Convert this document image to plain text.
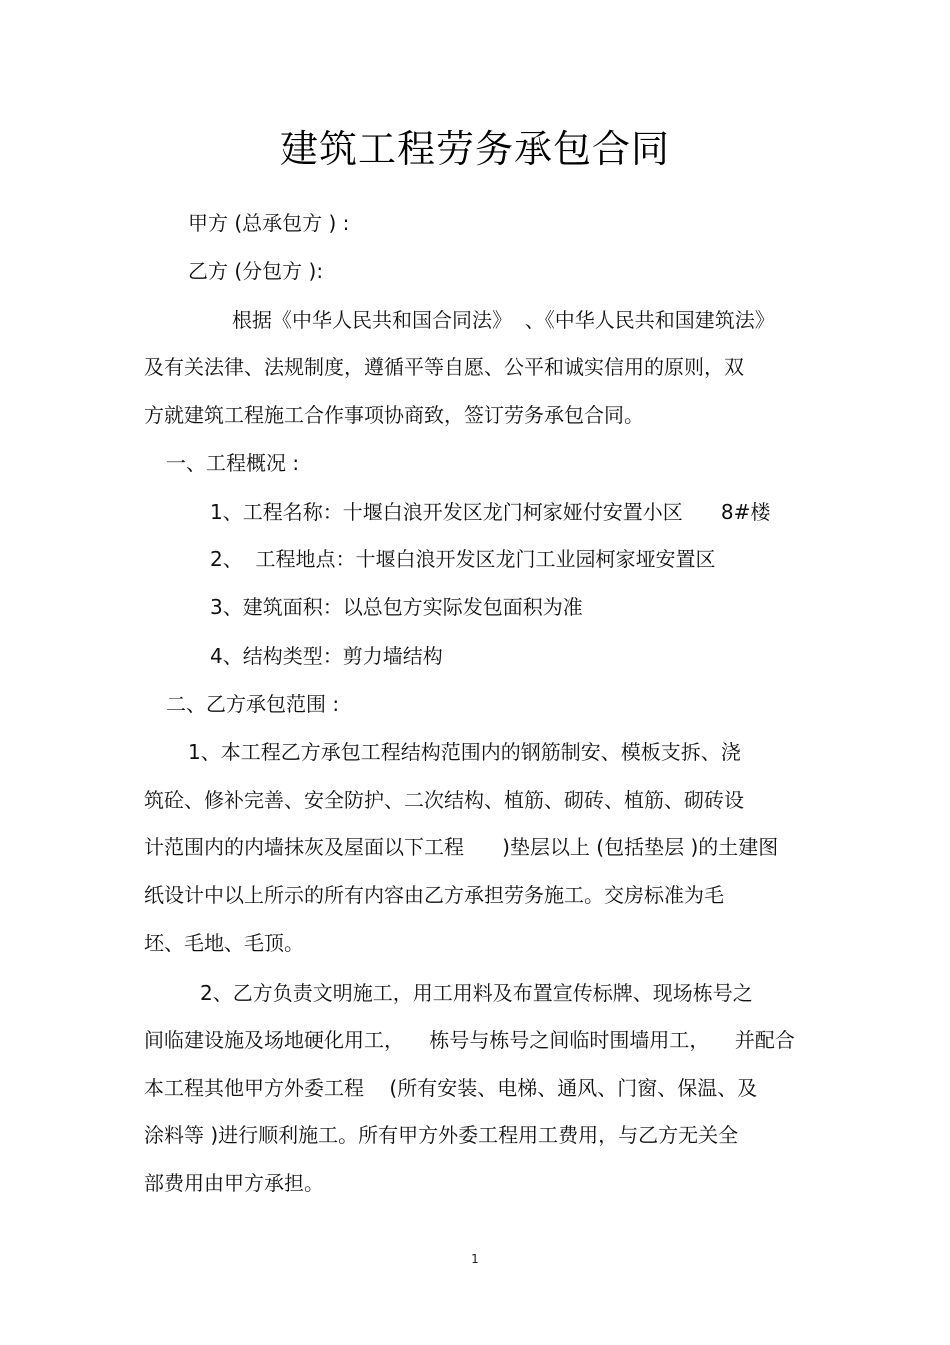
建筑工程劳务承包合同
甲方 (总承包方 ) :
乙方 (分包方 ):
根据《中华人民共和国合同法》  、《中华人民共和国建筑法》
及有关法律、法规制度，遵循平等自愿、公平和诚实信用的原则，双
方就建筑工程施工合作事项协商致，签订劳务承包合同。
一、工程概况 :
1、工程名称：十堰白浪开发区龙门柯家娅付安置小区      8#楼
2、  工程地点：十堰白浪开发区龙门工业园柯家垭安置区
3、建筑面积：以总包方实际发包面积为准
4、结构类型：剪力墙结构
二、乙方承包范围 :
1、本工程乙方承包工程结构范围内的钢筋制安、模板支拆、浇
筑砼、修补完善、安全防护、二次结构、植筋、砌砖、植筋、砌砖设
计范围内的内墙抹灰及屋面以下工程      )垫层以上 (包括垫层 )的土建图
纸设计中以上所示的所有内容由乙方承担劳务施工。交房标准为毛
坯、毛地、毛顶。
2、乙方负责文明施工，用工用料及布置宣传标牌、现场栋号之
间临建设施及场地硬化用工，    栋号与栋号之间临时围墙用工，    并配合
本工程其他甲方外委工程    (所有安装、电梯、通风、门窗、保温、及
涂料等 )进行顺利施工。所有甲方外委工程用工费用，与乙方无关全
部费用由甲方承担。
1
